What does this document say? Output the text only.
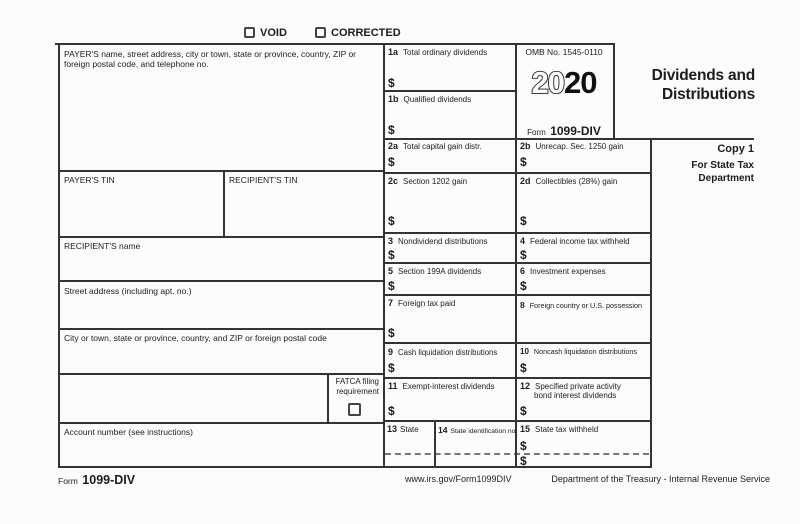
VOID	CORRECTED
PAYER'S name, street address, city or town, state or province, country, ZIP or foreign postal code, and telephone no.
PAYER'S TIN	RECIPIENT'S TIN
RECIPIENT'S name
Street address (including apt. no.)
City or town, state or province, country, and ZIP or foreign postal code
FATCA filing
requirement
Account number (see instructions)
1a Total ordinary dividends
$
1b Qualified dividends
$
OMB No. 1545-0110
2020
Form 1099-DIV
Dividends and
Distributions
Copy 1
For State Tax
Department
2a Total capital gain distr.
$
2b Unrecap. Sec. 1250 gain
$
2c Section 1202 gain
$
2d Collectibles (28%) gain
$
3 Nondividend distributions
$
4 Federal income tax withheld
$
5 Section 199A dividends
$
6 Investment expenses
$
7 Foreign tax paid
$
8 Foreign country or U.S. possession
9 Cash liquidation distributions
$
10 Noncash liquidation distributions
$
11 Exempt-interest dividends
$
12 Specified private activity bond interest dividends
$
13 State 14 State identification no. 15 State tax withheld
$
$
Form 1099-DIV	www.irs.gov/Form1099DIV	Department of the Treasury - Internal Revenue Service
